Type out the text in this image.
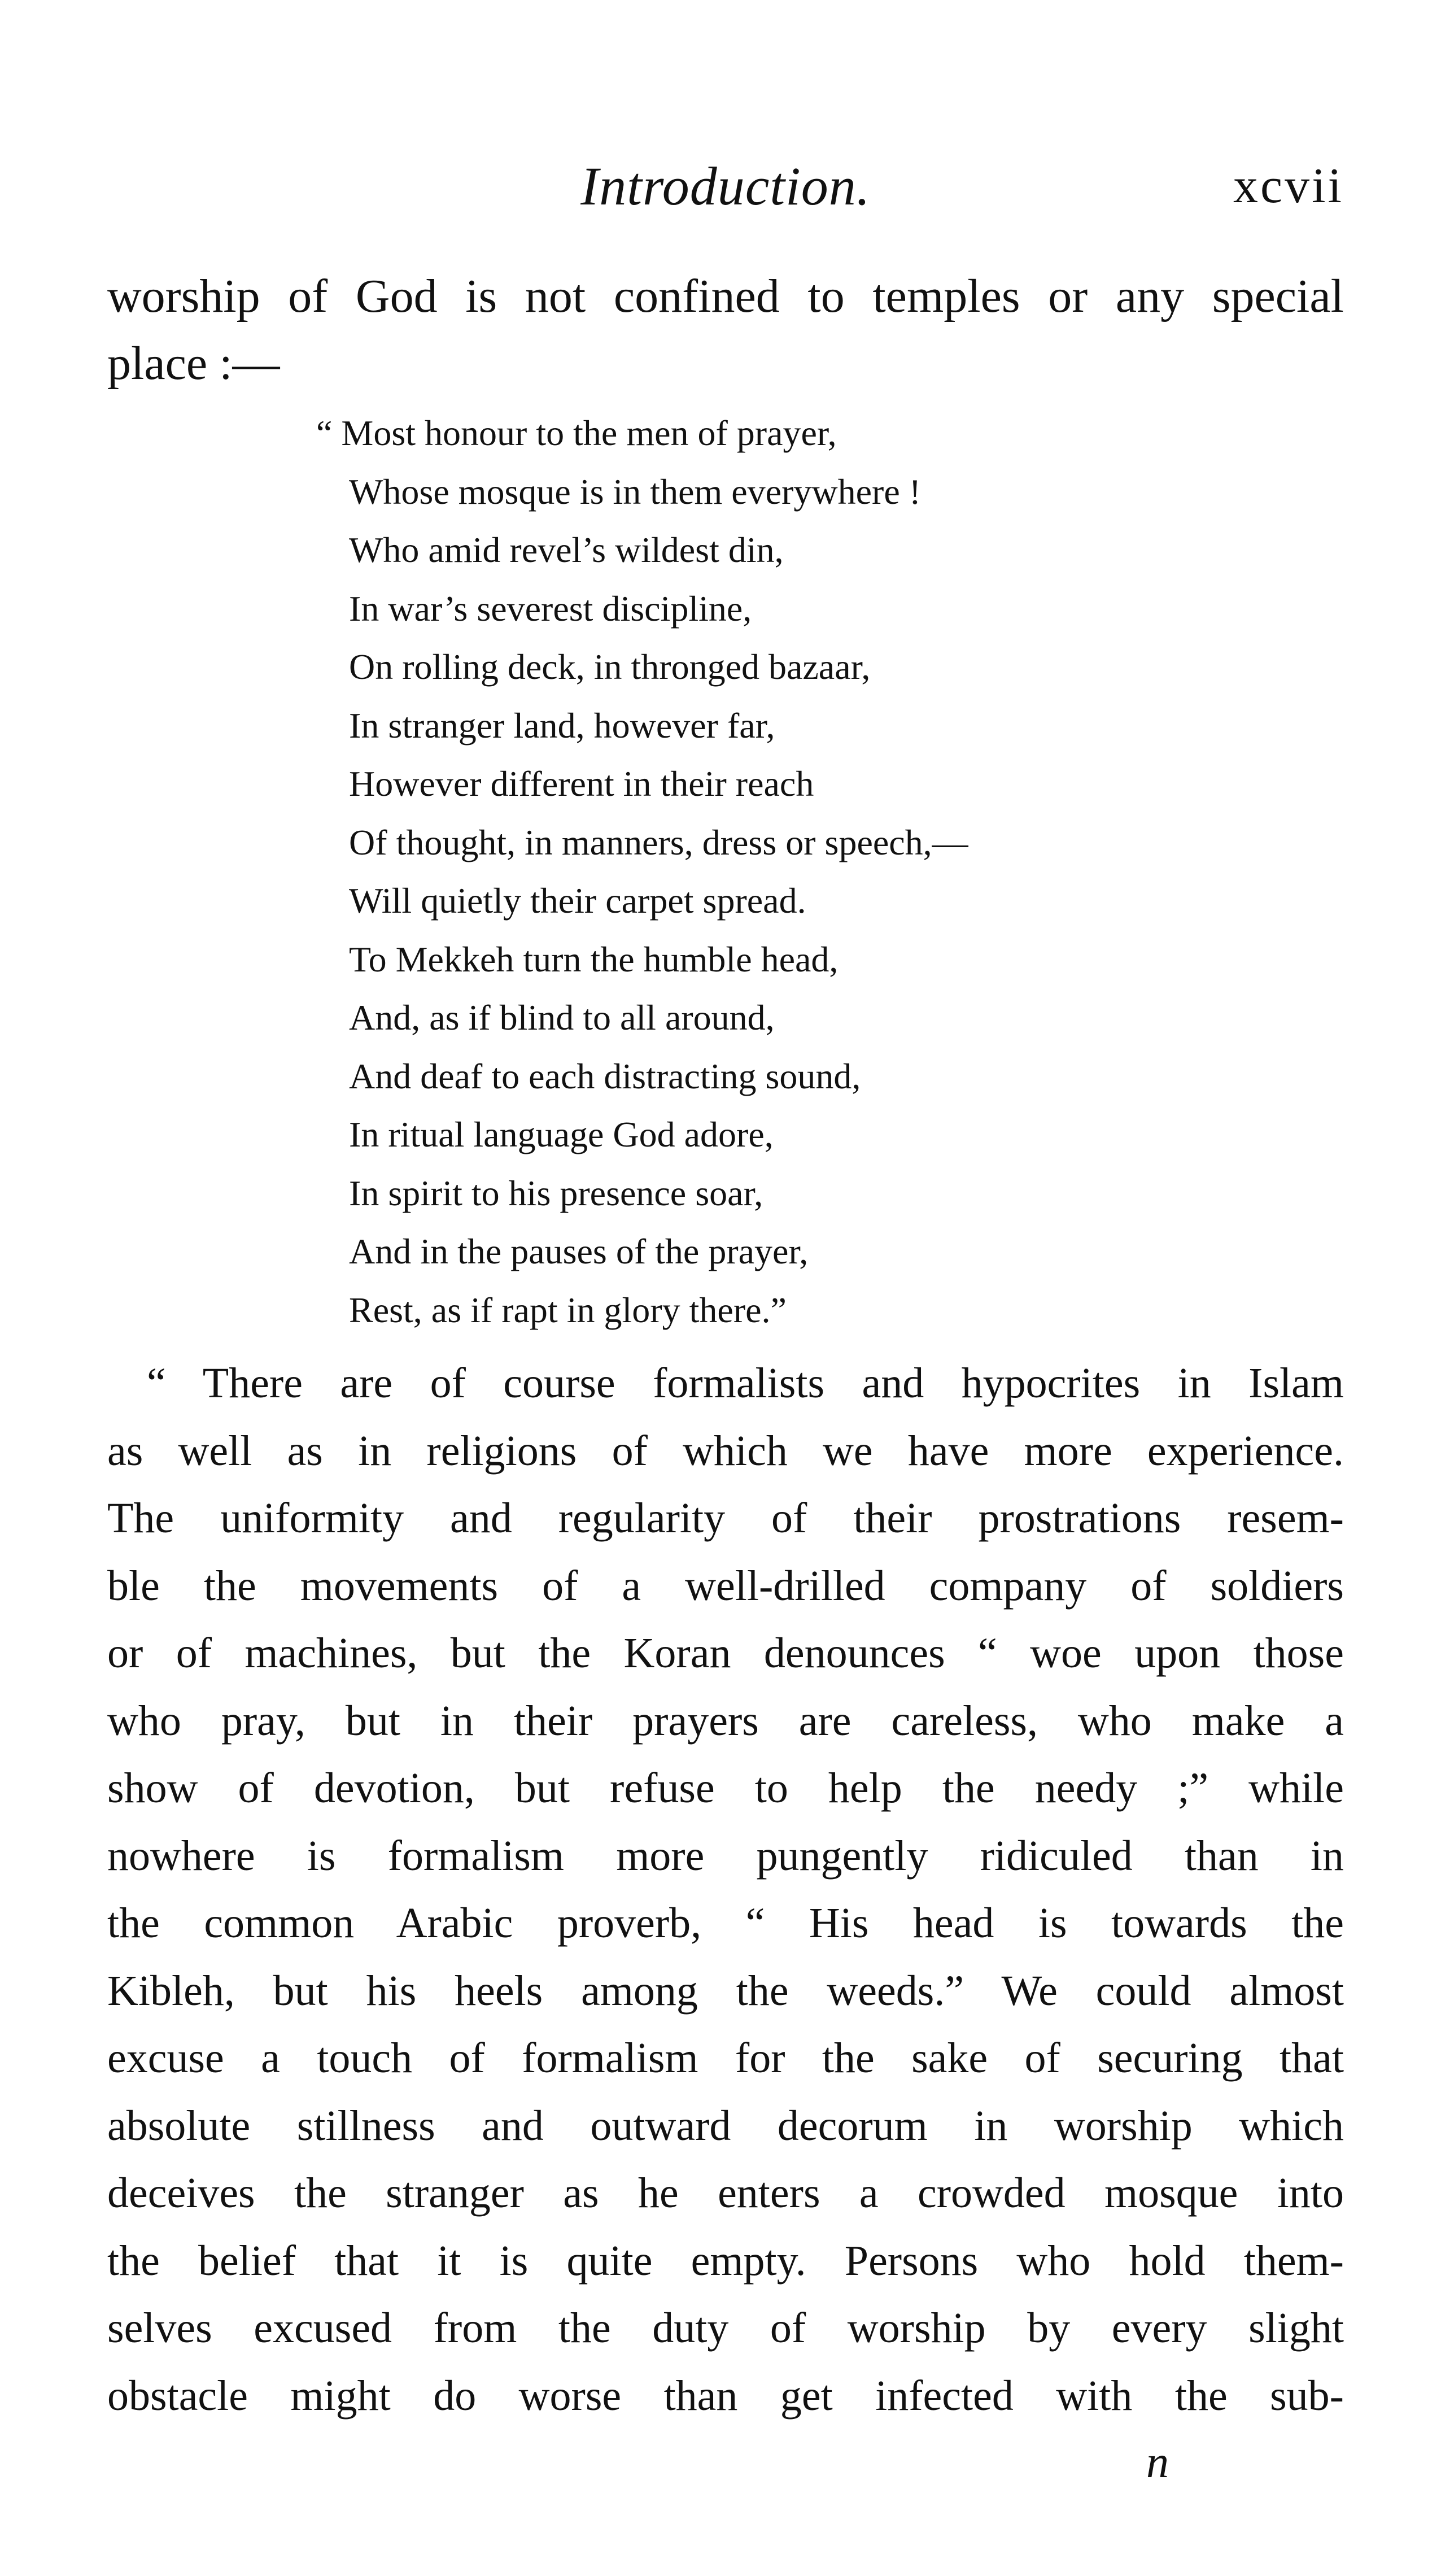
Introduction.	xcvii
worship of God is not confined to temples or any special
place :—
“ Most honour to the men of prayer,
Whose mosque is in them everywhere !
Who amid revel’s wildest din,
In war’s severest discipline,
On rolling deck, in thronged bazaar,
In stranger land, however far,
However different in their reach
Of thought, in manners, dress or speech,—
Will quietly their carpet spread.
To Mekkeh turn the humble head,
And, as if blind to all around,
And deaf to each distracting sound,
In ritual language God adore,
In spirit to his presence soar,
And in the pauses of the prayer,
Rest, as if rapt in glory there.”
“ There are of course formalists and hypocrites in Islam
as well as in religions of which we have more experience.
The uniformity and regularity of their prostrations resem-
ble the movements of a well-drilled company of soldiers
or of machines, but the Koran denounces “ woe upon those
who pray, but in their prayers are careless, who make a
show of devotion, but refuse to help the needy ;” while
nowhere is formalism more pungently ridiculed than in
the common Arabic proverb, “ His head is towards the
Kibleh, but his heels among the weeds.” We could almost
excuse a touch of formalism for the sake of securing that
absolute stillness and outward decorum in worship which
deceives the stranger as he enters a crowded mosque into
the belief that it is quite empty. Persons who hold them-
selves excused from the duty of worship by every slight
obstacle might do worse than get infected with the sub-
n
